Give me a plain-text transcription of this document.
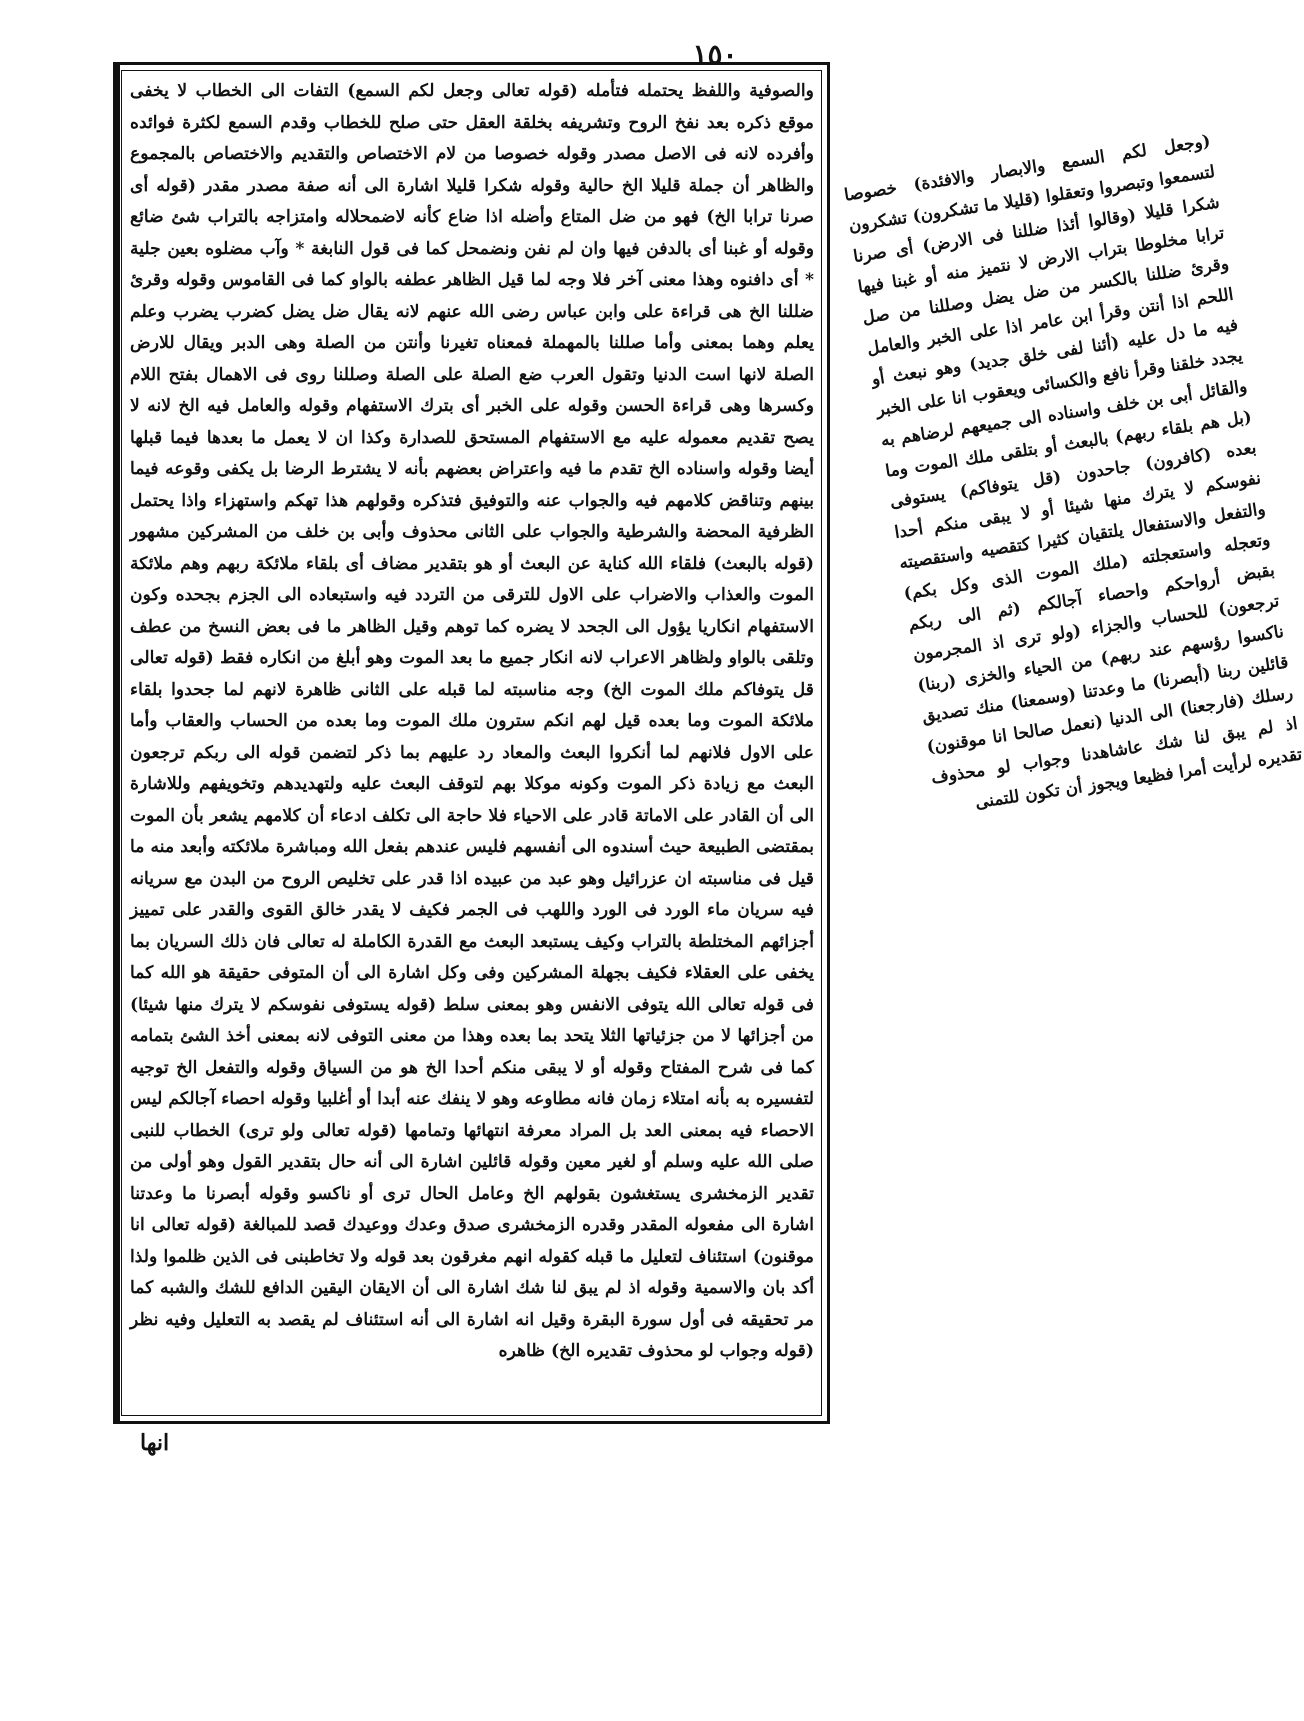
١٥٠

والصوفية واللفظ يحتمله فتأمله (قوله تعالى وجعل لكم السمع) التفات الى الخطاب لا يخفى موقع ذكره بعد نفخ الروح وتشريفه بخلقة العقل حتى صلح للخطاب وقدم السمع لكثرة فوائده وأفرده لانه فى الاصل مصدر وقوله خصوصا من لام الاختصاص والتقديم والاختصاص بالمجموع والظاهر أن جملة قليلا الخ حالية وقوله شكرا قليلا اشارة الى أنه صفة مصدر مقدر (قوله أى صرنا ترابا الخ) فهو من ضل المتاع وأضله اذا ضاع كأنه لاضمحلاله وامتزاجه بالتراب شئ ضائع وقوله أو غبنا أى بالدفن فيها وان لم نفن ونضمحل كما فى قول النابغة * وآب مضلوه بعين جلية * أى دافنوه وهذا معنى آخر فلا وجه لما قيل الظاهر عطفه بالواو كما فى القاموس وقوله وقرئ ضللنا الخ هى قراءة على وابن عباس رضى الله عنهم لانه يقال ضل يضل كضرب يضرب وعلم يعلم وهما بمعنى وأما صللنا بالمهملة فمعناه تغيرنا وأنتن من الصلة وهى الدبر ويقال للارض الصلة لانها است الدنيا وتقول العرب ضع الصلة على الصلة وصللنا روى فى الاهمال بفتح اللام وكسرها وهى قراءة الحسن وقوله على الخبر أى بترك الاستفهام وقوله والعامل فيه الخ لانه لا يصح تقديم معموله عليه مع الاستفهام المستحق للصدارة وكذا ان لا يعمل ما بعدها فيما قبلها أيضا وقوله واسناده الخ تقدم ما فيه واعتراض بعضهم بأنه لا يشترط الرضا بل يكفى وقوعه فيما بينهم وتناقض كلامهم فيه والجواب عنه والتوفيق فتذكره وقولهم هذا تهكم واستهزاء واذا يحتمل الظرفية المحضة والشرطية والجواب على الثانى محذوف وأبى بن خلف من المشركين مشهور (قوله بالبعث) فلقاء الله كناية عن البعث أو هو بتقدير مضاف أى بلقاء ملائكة ربهم وهم ملائكة الموت والعذاب والاضراب على الاول للترقى من التردد فيه واستبعاده الى الجزم بجحده وكون الاستفهام انكاريا يؤول الى الجحد لا يضره كما توهم وقيل الظاهر ما فى بعض النسخ من عطف وتلقى بالواو ولظاهر الاعراب لانه انكار جميع ما بعد الموت وهو أبلغ من انكاره فقط (قوله تعالى قل يتوفاكم ملك الموت الخ) وجه مناسبته لما قبله على الثانى ظاهرة لانهم لما جحدوا بلقاء ملائكة الموت وما بعده قيل لهم انكم سترون ملك الموت وما بعده من الحساب والعقاب وأما على الاول فلانهم لما أنكروا البعث والمعاد رد عليهم بما ذكر لتضمن قوله الى ربكم ترجعون البعث مع زيادة ذكر الموت وكونه موكلا بهم لتوقف البعث عليه ولتهديدهم وتخويفهم وللاشارة الى أن القادر على الاماتة قادر على الاحياء فلا حاجة الى تكلف ادعاء أن كلامهم يشعر بأن الموت بمقتضى الطبيعة حيث أسندوه الى أنفسهم فليس عندهم بفعل الله ومباشرة ملائكته وأبعد منه ما قيل فى مناسبته ان عزرائيل وهو عبد من عبيده اذا قدر على تخليص الروح من البدن مع سريانه فيه سريان ماء الورد فى الورد واللهب فى الجمر فكيف لا يقدر خالق القوى والقدر على تمييز أجزائهم المختلطة بالتراب وكيف يستبعد البعث مع القدرة الكاملة له تعالى فان ذلك السريان بما يخفى على العقلاء فكيف بجهلة المشركين وفى وكل اشارة الى أن المتوفى حقيقة هو الله كما فى قوله تعالى الله يتوفى الانفس وهو بمعنى سلط (قوله يستوفى نفوسكم لا يترك منها شيئا) من أجزائها لا من جزئياتها الثلا يتحد بما بعده وهذا من معنى التوفى لانه بمعنى أخذ الشئ بتمامه كما فى شرح المفتاح وقوله أو لا يبقى منكم أحدا الخ هو من السياق وقوله والتفعل الخ توجيه لتفسيره به بأنه امتلاء زمان فانه مطاوعه وهو لا ينفك عنه أبدا أو أغلبيا وقوله احصاء آجالكم ليس الاحصاء فيه بمعنى العد بل المراد معرفة انتهائها وتمامها (قوله تعالى ولو ترى) الخطاب للنبى صلى الله عليه وسلم أو لغير معين وقوله قائلين اشارة الى أنه حال بتقدير القول وهو أولى من تقدير الزمخشرى يستغشون بقولهم الخ وعامل الحال ترى أو ناكسو وقوله أبصرنا ما وعدتنا اشارة الى مفعوله المقدر وقدره الزمخشرى صدق وعدك ووعيدك قصد للمبالغة (قوله تعالى انا موقنون) استئناف لتعليل ما قبله كقوله انهم مغرقون بعد قوله ولا تخاطبنى فى الذين ظلموا ولذا أكد بان والاسمية وقوله اذ لم يبق لنا شك اشارة الى أن الايقان اليقين الدافع للشك والشبه كما مر تحقيقه فى أول سورة البقرة وقيل انه اشارة الى أنه استئناف لم يقصد به التعليل وفيه نظر (قوله وجواب لو محذوف تقديره الخ) ظاهره

(وجعل لكم السمع والابصار والافئدة) خصوصا لتسمعوا وتبصروا وتعقلوا (قليلا ما تشكرون) تشكرون شكرا قليلا (وقالوا أئذا ضللنا فى الارض) أى صرنا ترابا مخلوطا بتراب الارض لا نتميز منه أو غبنا فيها وقرئ ضللنا بالكسر من ضل يضل وصللنا من صل اللحم اذا أنتن وقرأ ابن عامر اذا على الخبر والعامل فيه ما دل عليه (أئنا لفى خلق جديد) وهو نبعث أو يجدد خلقنا وقرأ نافع والكسائى ويعقوب انا على الخبر والقائل أبى بن خلف واسناده الى جميعهم لرضاهم به (بل هم بلقاء ربهم) بالبعث أو بتلقى ملك الموت وما بعده (كافرون) جاحدون (قل يتوفاكم) يستوفى نفوسكم لا يترك منها شيئا أو لا يبقى منكم أحدا والتفعل والاستفعال يلتقيان كثيرا كتقصيه واستقصيته وتعجله واستعجلته (ملك الموت الذى وكل بكم) بقبض أرواحكم واحصاء آجالكم (ثم الى ربكم ترجعون) للحساب والجزاء (ولو ترى اذ المجرمون ناكسوا رؤسهم عند ربهم) من الحياء والخزى (ربنا) قائلين ربنا (أبصرنا) ما وعدتنا (وسمعنا) منك تصديق رسلك (فارجعنا) الى الدنيا (نعمل صالحا انا موقنون) اذ لم يبق لنا شك عاشاهدنا وجواب لو محذوف تقديره لرأيت أمرا فظيعا ويجوز أن تكون للتمنى

انها
